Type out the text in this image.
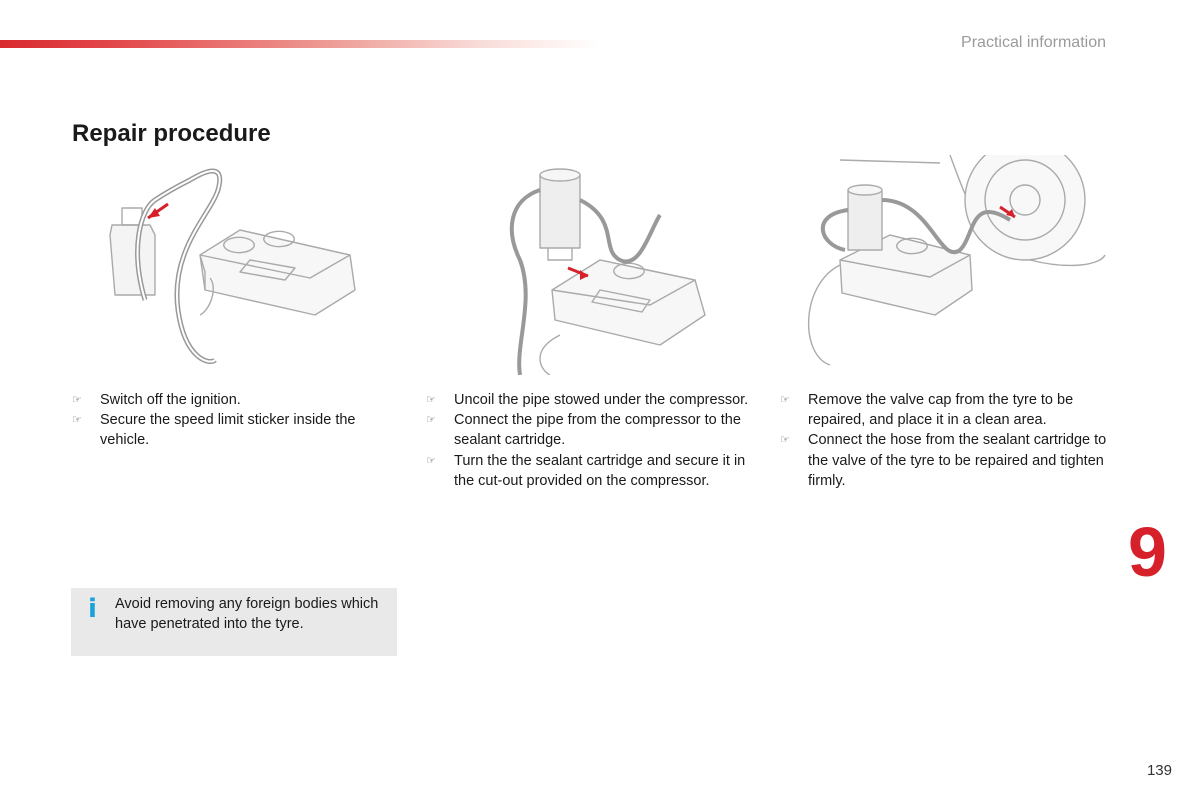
Practical information
Repair procedure
☞ Switch off the ignition.
☞ Secure the speed limit sticker inside the vehicle.
☞ Uncoil the pipe stowed under the compressor.
☞ Connect the pipe from the compressor to the sealant cartridge.
☞ Turn the the sealant cartridge and secure it in the cut-out provided on the compressor.
☞ Remove the valve cap from the tyre to be repaired, and place it in a clean area.
☞ Connect the hose from the sealant cartridge to the valve of the tyre to be repaired and tighten firmly.
i Avoid removing any foreign bodies which have penetrated into the tyre.
9
139
